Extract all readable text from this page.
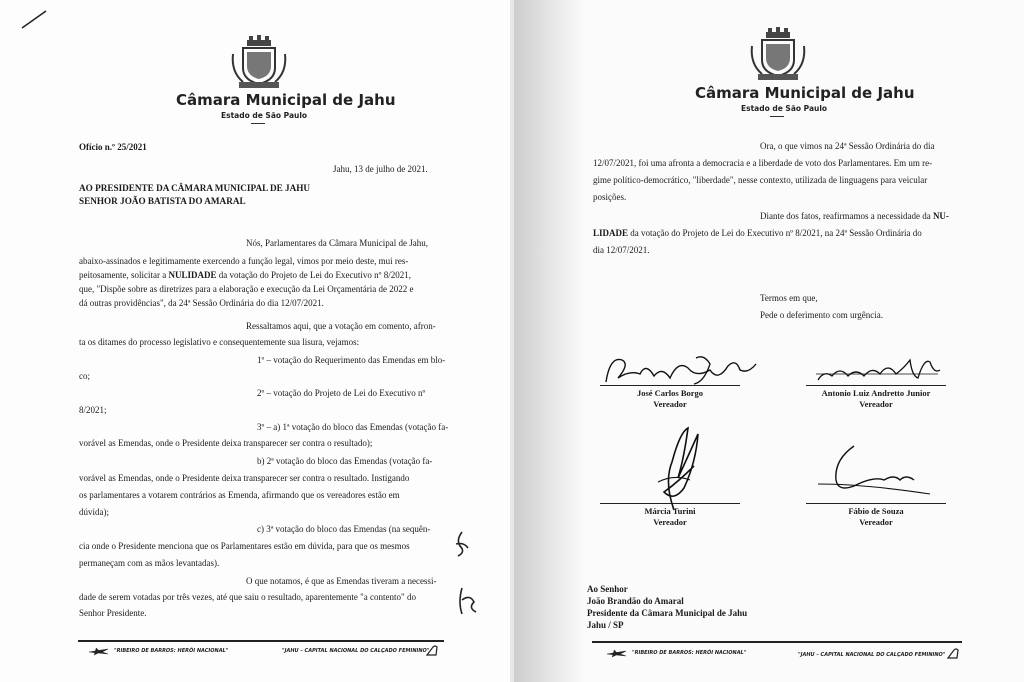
Câmara Municipal de Jahu
Estado de São Paulo
Ofício n.º 25/2021
Jahu, 13 de julho de 2021.
AO PRESIDENTE DA CÂMARA MUNICIPAL DE JAHU
SENHOR JOÃO BATISTA DO AMARAL
Nós, Parlamentares da Câmara Municipal de Jahu,
abaixo-assinados e legitimamente exercendo a função legal, vimos por meio deste, mui res-
peitosamente, solicitar a NULIDADE da votação do Projeto de Lei do Executivo nº 8/2021,
que, "Dispõe sobre as diretrizes para a elaboração e execução da Lei Orçamentária de 2022 e
dá outras providências", da 24ª Sessão Ordinária do dia 12/07/2021.
Ressaltamos aqui, que a votação em comento, afron-
ta os ditames do processo legislativo e consequentemente sua lisura, vejamos:
1º – votação do Requerimento das Emendas em blo-
co;
2º – votação do Projeto de Lei do Executivo nº
8/2021;
3º – a) 1ª votação do bloco das Emendas (votação fa-
vorável as Emendas, onde o Presidente deixa transparecer ser contra o resultado);
b) 2ª votação do bloco das Emendas (votação fa-
vorável as Emendas, onde o Presidente deixa transparecer ser contra o resultado. Instigando
os parlamentares a votarem contrários as Emenda, afirmando que os vereadores estão em
dúvida);
c) 3ª votação do bloco das Emendas (na sequên-
cia onde o Presidente menciona que os Parlamentares estão em dúvida, para que os mesmos
permaneçam com as mãos levantadas).
O que notamos, é que as Emendas tiveram a necessi-
dade de serem votadas por três vezes, até que saiu o resultado, aparentemente "a contento" do
Senhor Presidente.
"RIBEIRO DE BARROS: HERÓI NACIONAL"	"JAHU – CAPITAL NACIONAL DO CALÇADO FEMININO"
Câmara Municipal de Jahu
Estado de São Paulo
Ora, o que vimos na 24ª Sessão Ordinária do dia
12/07/2021, foi uma afronta a democracia e a liberdade de voto dos Parlamentares. Em um re-
gime político-democrático, "liberdade", nesse contexto, utilizada de linguagens para veicular
posições.
Diante dos fatos, reafirmamos a necessidade da NU-
LIDADE da votação do Projeto de Lei do Executivo nº 8/2021, na 24ª Sessão Ordinária do
dia 12/07/2021.
Termos em que,
Pede o deferimento com urgência.
José Carlos Borgo
Vereador
Antonio Luiz Andretto Junior
Vereador
Márcia Turini
Vereador
Fábio de Souza
Vereador
Ao Senhor
João Brandão do Amaral
Presidente da Câmara Municipal de Jahu
Jahu / SP
"RIBEIRO DE BARROS: HERÓI NACIONAL"	"JAHU – CAPITAL NACIONAL DO CALÇADO FEMININO"
